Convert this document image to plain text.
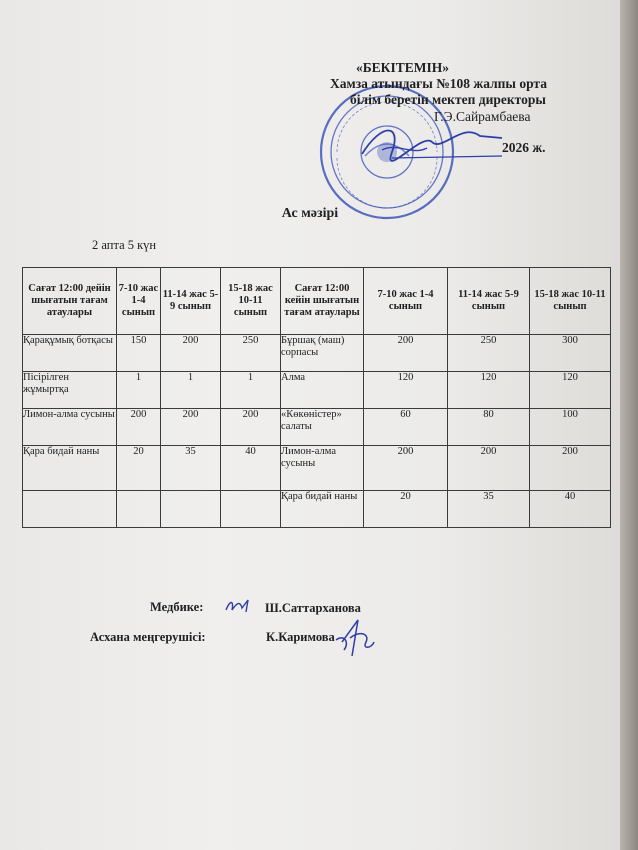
«БЕКІТЕМІН»
Хамза атындағы №108 жалпы орта
білім беретін мектеп директоры
Г.Э.Сайрамбаева
2026 ж.
Ас мәзірі
2 апта 5 күн
Сағат 12:00 дейін шығатын тағам атаулары	7-10 жас 1-4 сынып	11-14 жас 5-9 сынып	15-18 жас 10-11 сынып	Сағат 12:00 кейін шығатын тағам атаулары	7-10 жас 1-4 сынып	11-14 жас 5-9 сынып	15-18 жас 10-11 сынып
Қарақұмық ботқасы	150	200	250	Бұршақ (маш) сорпасы	200	250	300
Пісірілген жұмыртқа	1	1	1	Алма	120	120	120
Лимон-алма сусыны	200	200	200	«Көкөністер» салаты	60	80	100
Қара бидай наны	20	35	40	Лимон-алма сусыны	200	200	200
				Қара бидай наны	20	35	40
Медбике:	Ш.Саттарханова
Асхана меңгерушісі:	К.Каримова
